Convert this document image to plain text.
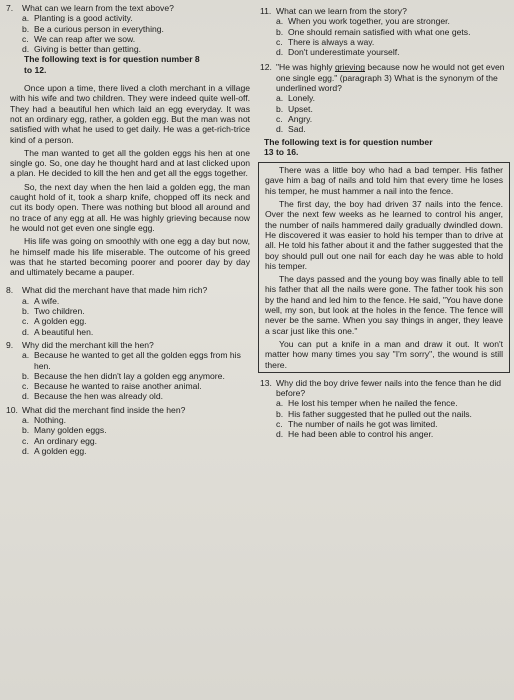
7. What can we learn from the text above?
a. Planting is a good activity.
b. Be a curious person in everything.
c. We can reap after we sow.
d. Giving is better than getting.

The following text is for question number 8
to 12.

Once upon a time, there lived a cloth merchant in a village with his wife and two children. They were indeed quite well-off. They had a beautiful hen which laid an egg everyday. It was not an ordinary egg, rather, a golden egg. But the man was not satisfied with what he used to get daily. He was a get-rich-trice kind of a person.

The man wanted to get all the golden eggs his hen at one single go. So, one day he thought hard and at last clicked upon a plan. He decided to kill the hen and get all the eggs together.

So, the next day when the hen laid a golden egg, the man caught hold of it, took a sharp knife, chopped off its neck and cut its body open. There was nothing but blood all around and no trace of any egg at all. He was highly grieving because now he would not get even one single egg.

His life was going on smoothly with one egg a day but now, he himself made his life miserable. The outcome of his greed was that he started becoming poorer and poorer day by day and ultimately became a pauper.

8. What did the merchant have that made him rich?
a. A wife.
b. Two children.
c. A golden egg.
d. A beautiful hen.
9. Why did the merchant kill the hen?
a. Because he wanted to get all the golden eggs from his hen.
b. Because the hen didn't lay a golden egg anymore.
c. Because he wanted to raise another animal.
d. Because the hen was already old.
10. What did the merchant find inside the hen?
a. Nothing.
b. Many golden eggs.
c. An ordinary egg.
d. A golden egg.
11. What can we learn from the story?
a. When you work together, you are stronger.
b. One should remain satisfied with what one gets.
c. There is always a way.
d. Don't underestimate yourself.
12. "He was highly grieving because now he would not get even one single egg." (paragraph 3) What is the synonym of the underlined word?
a. Lonely.
b. Upset.
c. Angry.
d. Sad.

The following text is for question number
13 to 16.

There was a little boy who had a bad temper. His father gave him a bag of nails and told him that every time he loses his temper, he must hammer a nail into the fence.

The first day, the boy had driven 37 nails into the fence. Over the next few weeks as he learned to control his anger, the number of nails hammered daily gradually dwindled down. He discovered it was easier to hold his temper than to drive at all. He told his father about it and the father suggested that the boy should pull out one nail for each day he was able to hold his temper.

The days passed and the young boy was finally able to tell his father that all the nails were gone. The father took his son by the hand and led him to the fence. He said, "You have done well, my son, but look at the holes in the fence. The fence will never be the same. When you say things in anger, they leave a scar just like this one."

You can put a knife in a man and draw it out. It won't matter how many times you say "I'm sorry", the wound is still there.

13. Why did the boy drive fewer nails into the fence than he did before?
a. He lost his temper when he nailed the fence.
b. His father suggested that he pulled out the nails.
c. The number of nails he got was limited.
d. He had been able to control his anger.
